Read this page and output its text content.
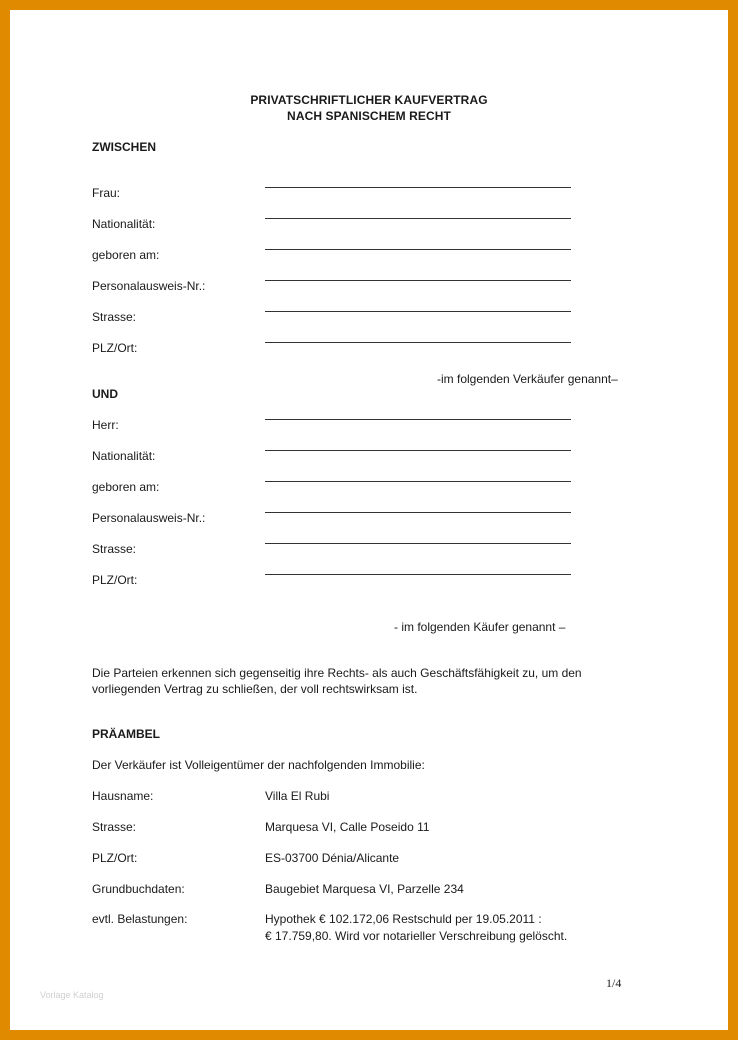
PRIVATSCHRIFTLICHER KAUFVERTRAG
NACH SPANISCHEM RECHT
ZWISCHEN
Frau:
Nationalität:
geboren am:
Personalausweis-Nr.:
Strasse:
PLZ/Ort:
-im folgenden Verkäufer genannt–
UND
Herr:
Nationalität:
geboren am:
Personalausweis-Nr.:
Strasse:
PLZ/Ort:
- im folgenden Käufer genannt –
Die Parteien erkennen sich gegenseitig ihre Rechts- als auch Geschäftsfähigkeit zu, um den vorliegenden Vertrag zu schließen, der voll rechtswirksam ist.
PRÄAMBEL
Der Verkäufer ist Volleigentümer der nachfolgenden Immobilie:
Hausname:	Villa El Rubi
Strasse:	Marquesa VI, Calle Poseido 11
PLZ/Ort:	ES-03700 Dénia/Alicante
Grundbuchdaten:	Baugebiet Marquesa VI, Parzelle 234
evtl. Belastungen:	Hypothek € 102.172,06 Restschuld per 19.05.2011 :
€ 17.759,80. Wird vor notarieller Verschreibung gelöscht.
1/4
Vorlage Katalog
